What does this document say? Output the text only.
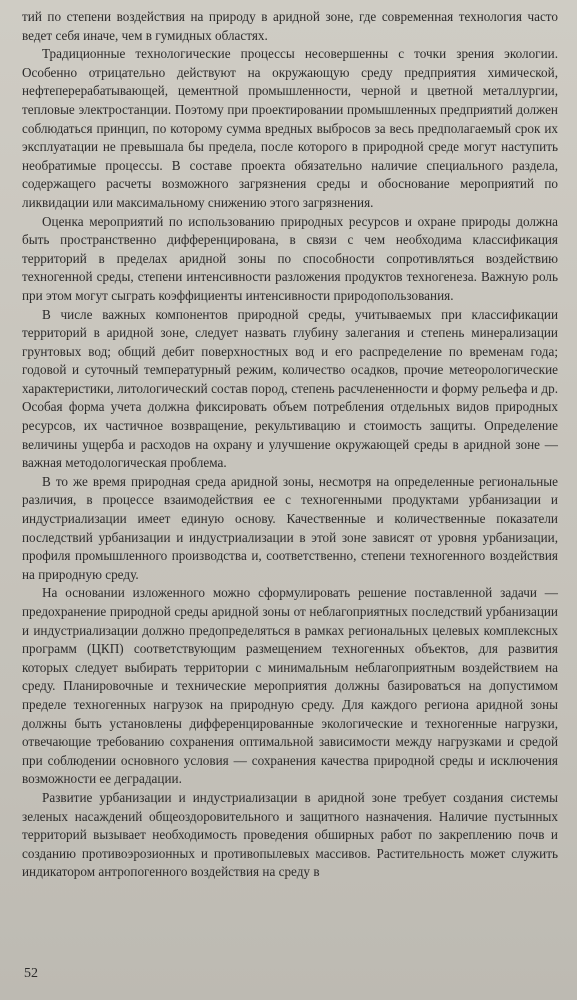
тий по степени воздействия на природу в аридной зоне, где современная технология часто ведет себя иначе, чем в гумидных областях.

Традиционные технологические процессы несовершенны с точки зрения экологии. Особенно отрицательно действуют на окружающую среду предприятия химической, нефтеперерабатывающей, цементной промышленности, черной и цветной металлургии, тепловые электростанции. Поэтому при проектировании промышленных предприятий должен соблюдаться принцип, по которому сумма вредных выбросов за весь предполагаемый срок их эксплуатации не превышала бы предела, после которого в природной среде могут наступить необратимые процессы. В составе проекта обязательно наличие специального раздела, содержащего расчеты возможного загрязнения среды и обоснование мероприятий по ликвидации или максимальному снижению этого загрязнения.

Оценка мероприятий по использованию природных ресурсов и охране природы должна быть пространственно дифференцирована, в связи с чем необходима классификация территорий в пределах аридной зоны по способности сопротивляться воздействию техногенной среды, степени интенсивности разложения продуктов техногенеза. Важную роль при этом могут сыграть коэффициенты интенсивности природопользования.

В числе важных компонентов природной среды, учитываемых при классификации территорий в аридной зоне, следует назвать глубину залегания и степень минерализации грунтовых вод; общий дебит поверхностных вод и его распределение по временам года; годовой и суточный температурный режим, количество осадков, прочие метеорологические характеристики, литологический состав пород, степень расчлененности и форму рельефа и др. Особая форма учета должна фиксировать объем потребления отдельных видов природных ресурсов, их частичное возвращение, рекультивацию и стоимость защиты. Определение величины ущерба и расходов на охрану и улучшение окружающей среды в аридной зоне — важная методологическая проблема.

В то же время природная среда аридной зоны, несмотря на определенные региональные различия, в процессе взаимодействия ее с техногенными продуктами урбанизации и индустриализации имеет единую основу. Качественные и количественные показатели последствий урбанизации и индустриализации в этой зоне зависят от уровня урбанизации, профиля промышленного производства и, соответственно, степени техногенного воздействия на природную среду.

На основании изложенного можно сформулировать решение поставленной задачи — предохранение природной среды аридной зоны от неблагоприятных последствий урбанизации и индустриализации должно предопределяться в рамках региональных целевых комплексных программ (ЦКП) соответствующим размещением техногенных объектов, для развития которых следует выбирать территории с минимальным неблагоприятным воздействием на среду. Планировочные и технические мероприятия должны базироваться на допустимом пределе техногенных нагрузок на природную среду. Для каждого региона аридной зоны должны быть установлены дифференцированные экологические и техногенные нагрузки, отвечающие требованию сохранения оптимальной зависимости между нагрузками и средой при соблюдении основного условия — сохранения качества природной среды и исключения возможности ее деградации.

Развитие урбанизации и индустриализации в аридной зоне требует создания системы зеленых насаждений общеоздоровительного и защитного назначения. Наличие пустынных территорий вызывает необходимость проведения обширных работ по закреплению почв и созданию противоэрозионных и противопылевых массивов. Растительность может служить индикатором антропогенного воздействия на среду в

52
